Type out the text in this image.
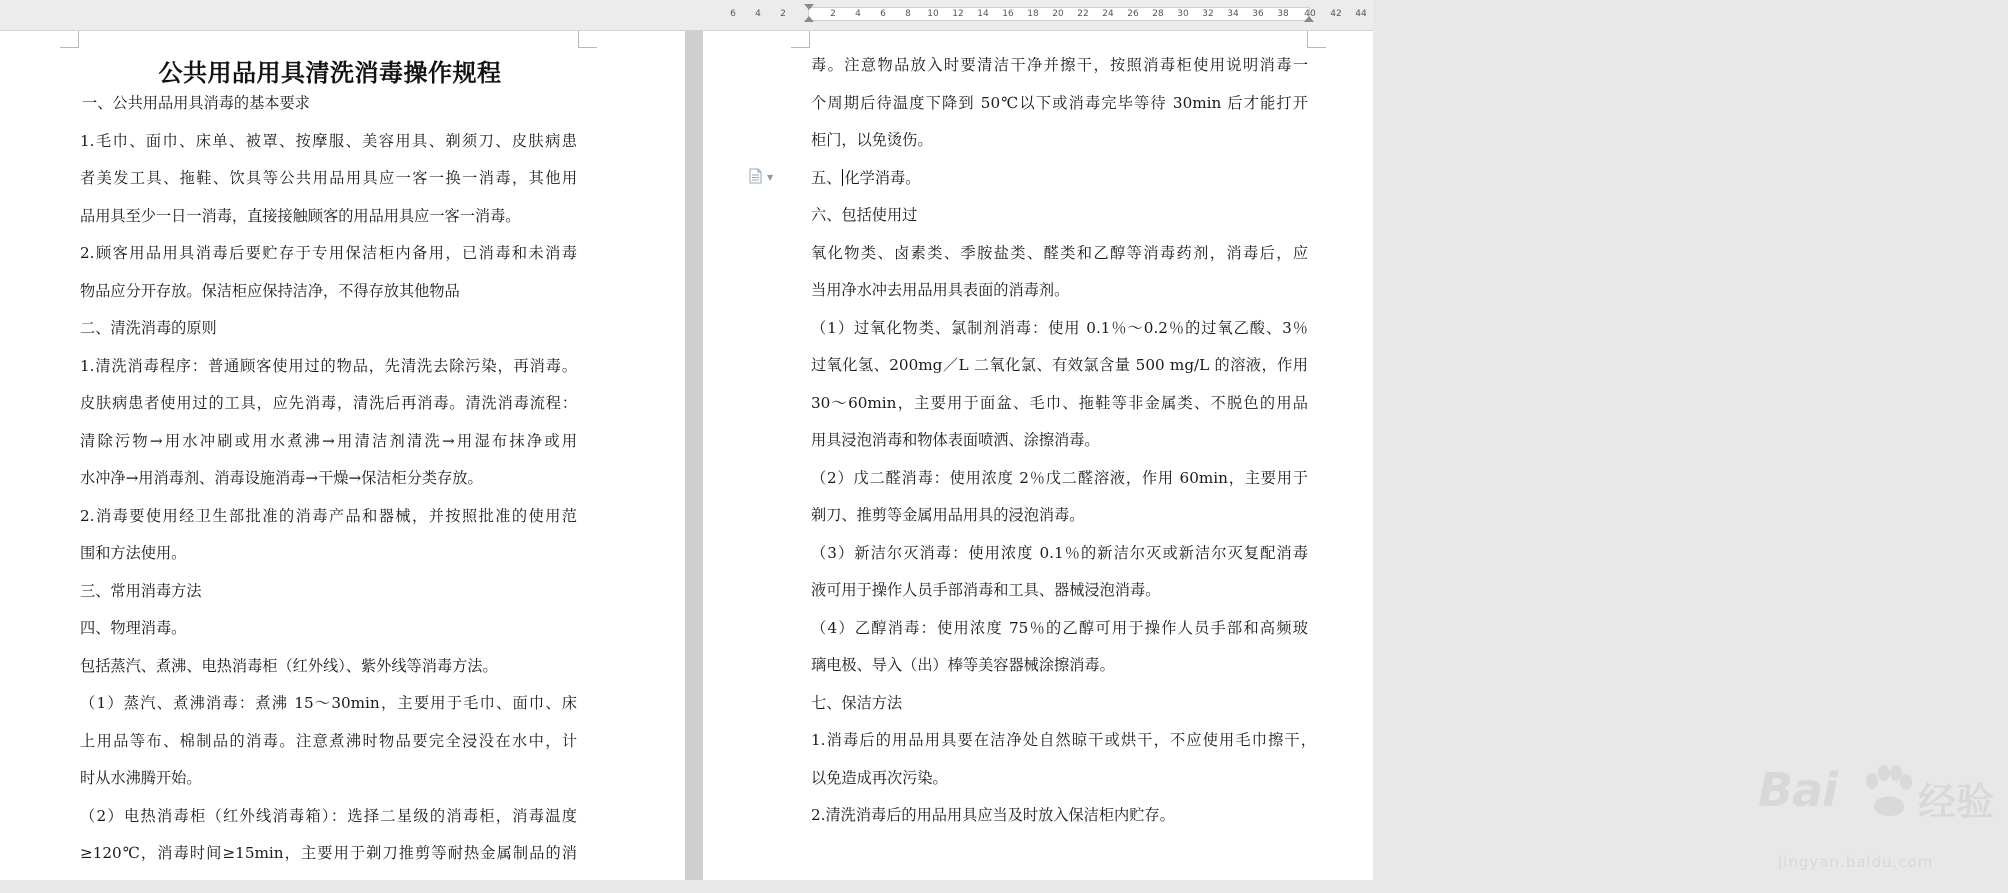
6 4 2	2 4 6 8 10 12 14 16 18 20 22 24 26 28 30 32 34 36 38 40 42 44
公共用品用具清洗消毒操作规程
一、公共用品用具消毒的基本要求
1.毛巾、面巾、床单、被罩、按摩服、美容用具、剃须刀、皮肤病患
者美发工具、拖鞋、饮具等公共用品用具应一客一换一消毒，其他用
品用具至少一日一消毒，直接接触顾客的用品用具应一客一消毒。
2.顾客用品用具消毒后要贮存于专用保洁柜内备用，已消毒和未消毒
物品应分开存放。保洁柜应保持洁净，不得存放其他物品
二、清洗消毒的原则
1.清洗消毒程序：普通顾客使用过的物品，先清洗去除污染，再消毒。
皮肤病患者使用过的工具，应先消毒，清洗后再消毒。清洗消毒流程：
清除污物→用水冲刷或用水煮沸→用清洁剂清洗→用湿布抹净或用
水冲净→用消毒剂、消毒设施消毒→干燥→保洁柜分类存放。
2.消毒要使用经卫生部批准的消毒产品和器械，并按照批准的使用范
围和方法使用。
三、常用消毒方法
四、物理消毒。
包括蒸汽、煮沸、电热消毒柜（红外线）、紫外线等消毒方法。
（1）蒸汽、煮沸消毒：煮沸 15～30min，主要用于毛巾、面巾、床
上用品等布、棉制品的消毒。注意煮沸时物品要完全浸没在水中，计
时从水沸腾开始。
（2）电热消毒柜（红外线消毒箱）：选择二星级的消毒柜，消毒温度
≥120℃，消毒时间≥15min，主要用于剃刀推剪等耐热金属制品的消
▼
毒。注意物品放入时要清洁干净并擦干，按照消毒柜使用说明消毒一
个周期后待温度下降到 50℃以下或消毒完毕等待 30min 后才能打开
柜门，以免烫伤。
五、 化学消毒。
六、包括使用过
氧化物类、卤素类、季胺盐类、醛类和乙醇等消毒药剂，消毒后，应
当用净水冲去用品用具表面的消毒剂。
（1）过氧化物类、氯制剂消毒：使用 0.1％～0.2％的过氧乙酸、3％
过氧化氢、200mg／L 二氧化氯、有效氯含量 500 mg/L 的溶液，作用
30～60min，主要用于面盆、毛巾、拖鞋等非金属类、不脱色的用品
用具浸泡消毒和物体表面喷洒、涂擦消毒。
（2）戊二醛消毒：使用浓度 2％戊二醛溶液，作用 60min，主要用于
剃刀、推剪等金属用品用具的浸泡消毒。
（3）新洁尔灭消毒：使用浓度 0.1％的新洁尔灭或新洁尔灭复配消毒
液可用于操作人员手部消毒和工具、器械浸泡消毒。
（4）乙醇消毒：使用浓度 75％的乙醇可用于操作人员手部和高频玻
璃电极、导入（出）棒等美容器械涂擦消毒。
七、保洁方法
1.消毒后的用品用具要在洁净处自然晾干或烘干，不应使用毛巾擦干，
以免造成再次污染。
2.清洗消毒后的用品用具应当及时放入保洁柜内贮存。	Bai 经验
jingyan.baidu.com
